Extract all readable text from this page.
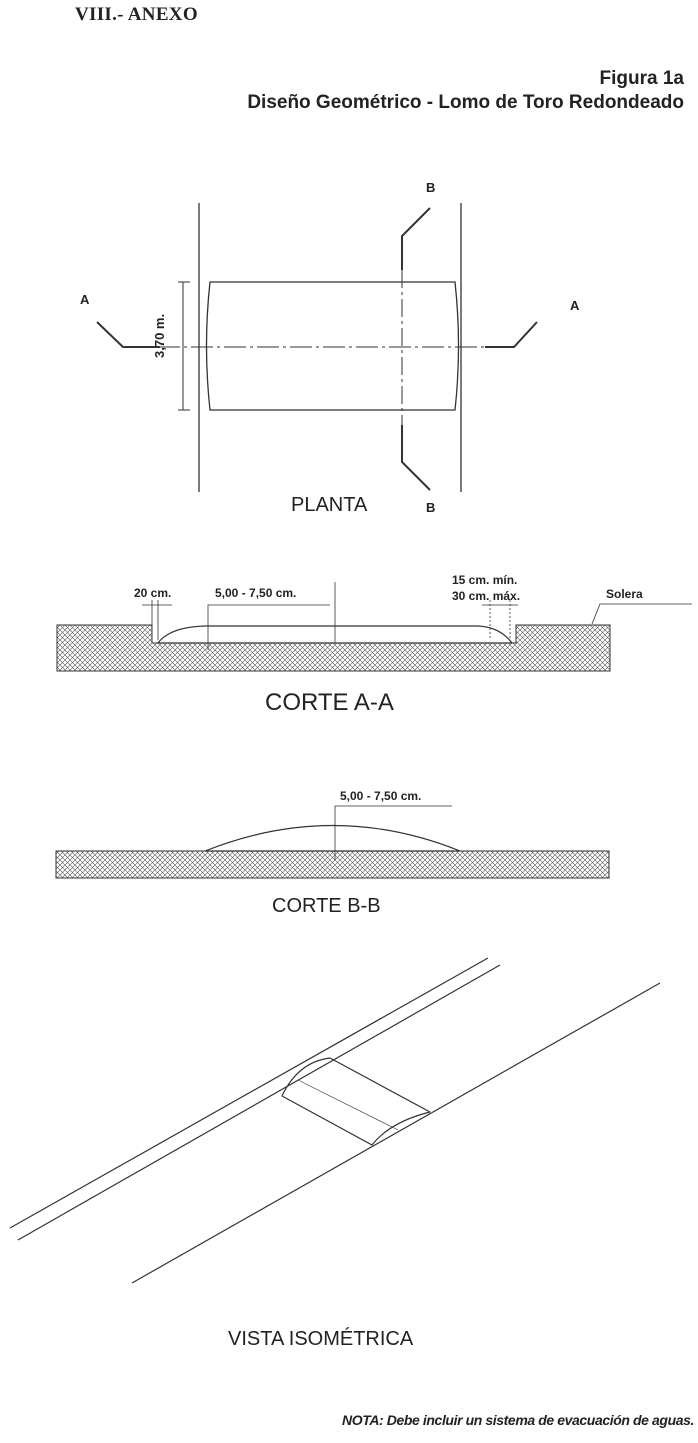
VIII.- ANEXO
Figura 1a
Diseño Geométrico - Lomo de Toro Redondeado
A	A
B
B
3,70 m.
PLANTA
20 cm.	5,00 - 7,50 cm.
15 cm. mín.
30 cm. máx.	Solera
CORTE A-A
5,00 - 7,50 cm.
CORTE B-B
VISTA ISOMÉTRICA
NOTA: Debe incluir un sistema de evacuación de aguas.
